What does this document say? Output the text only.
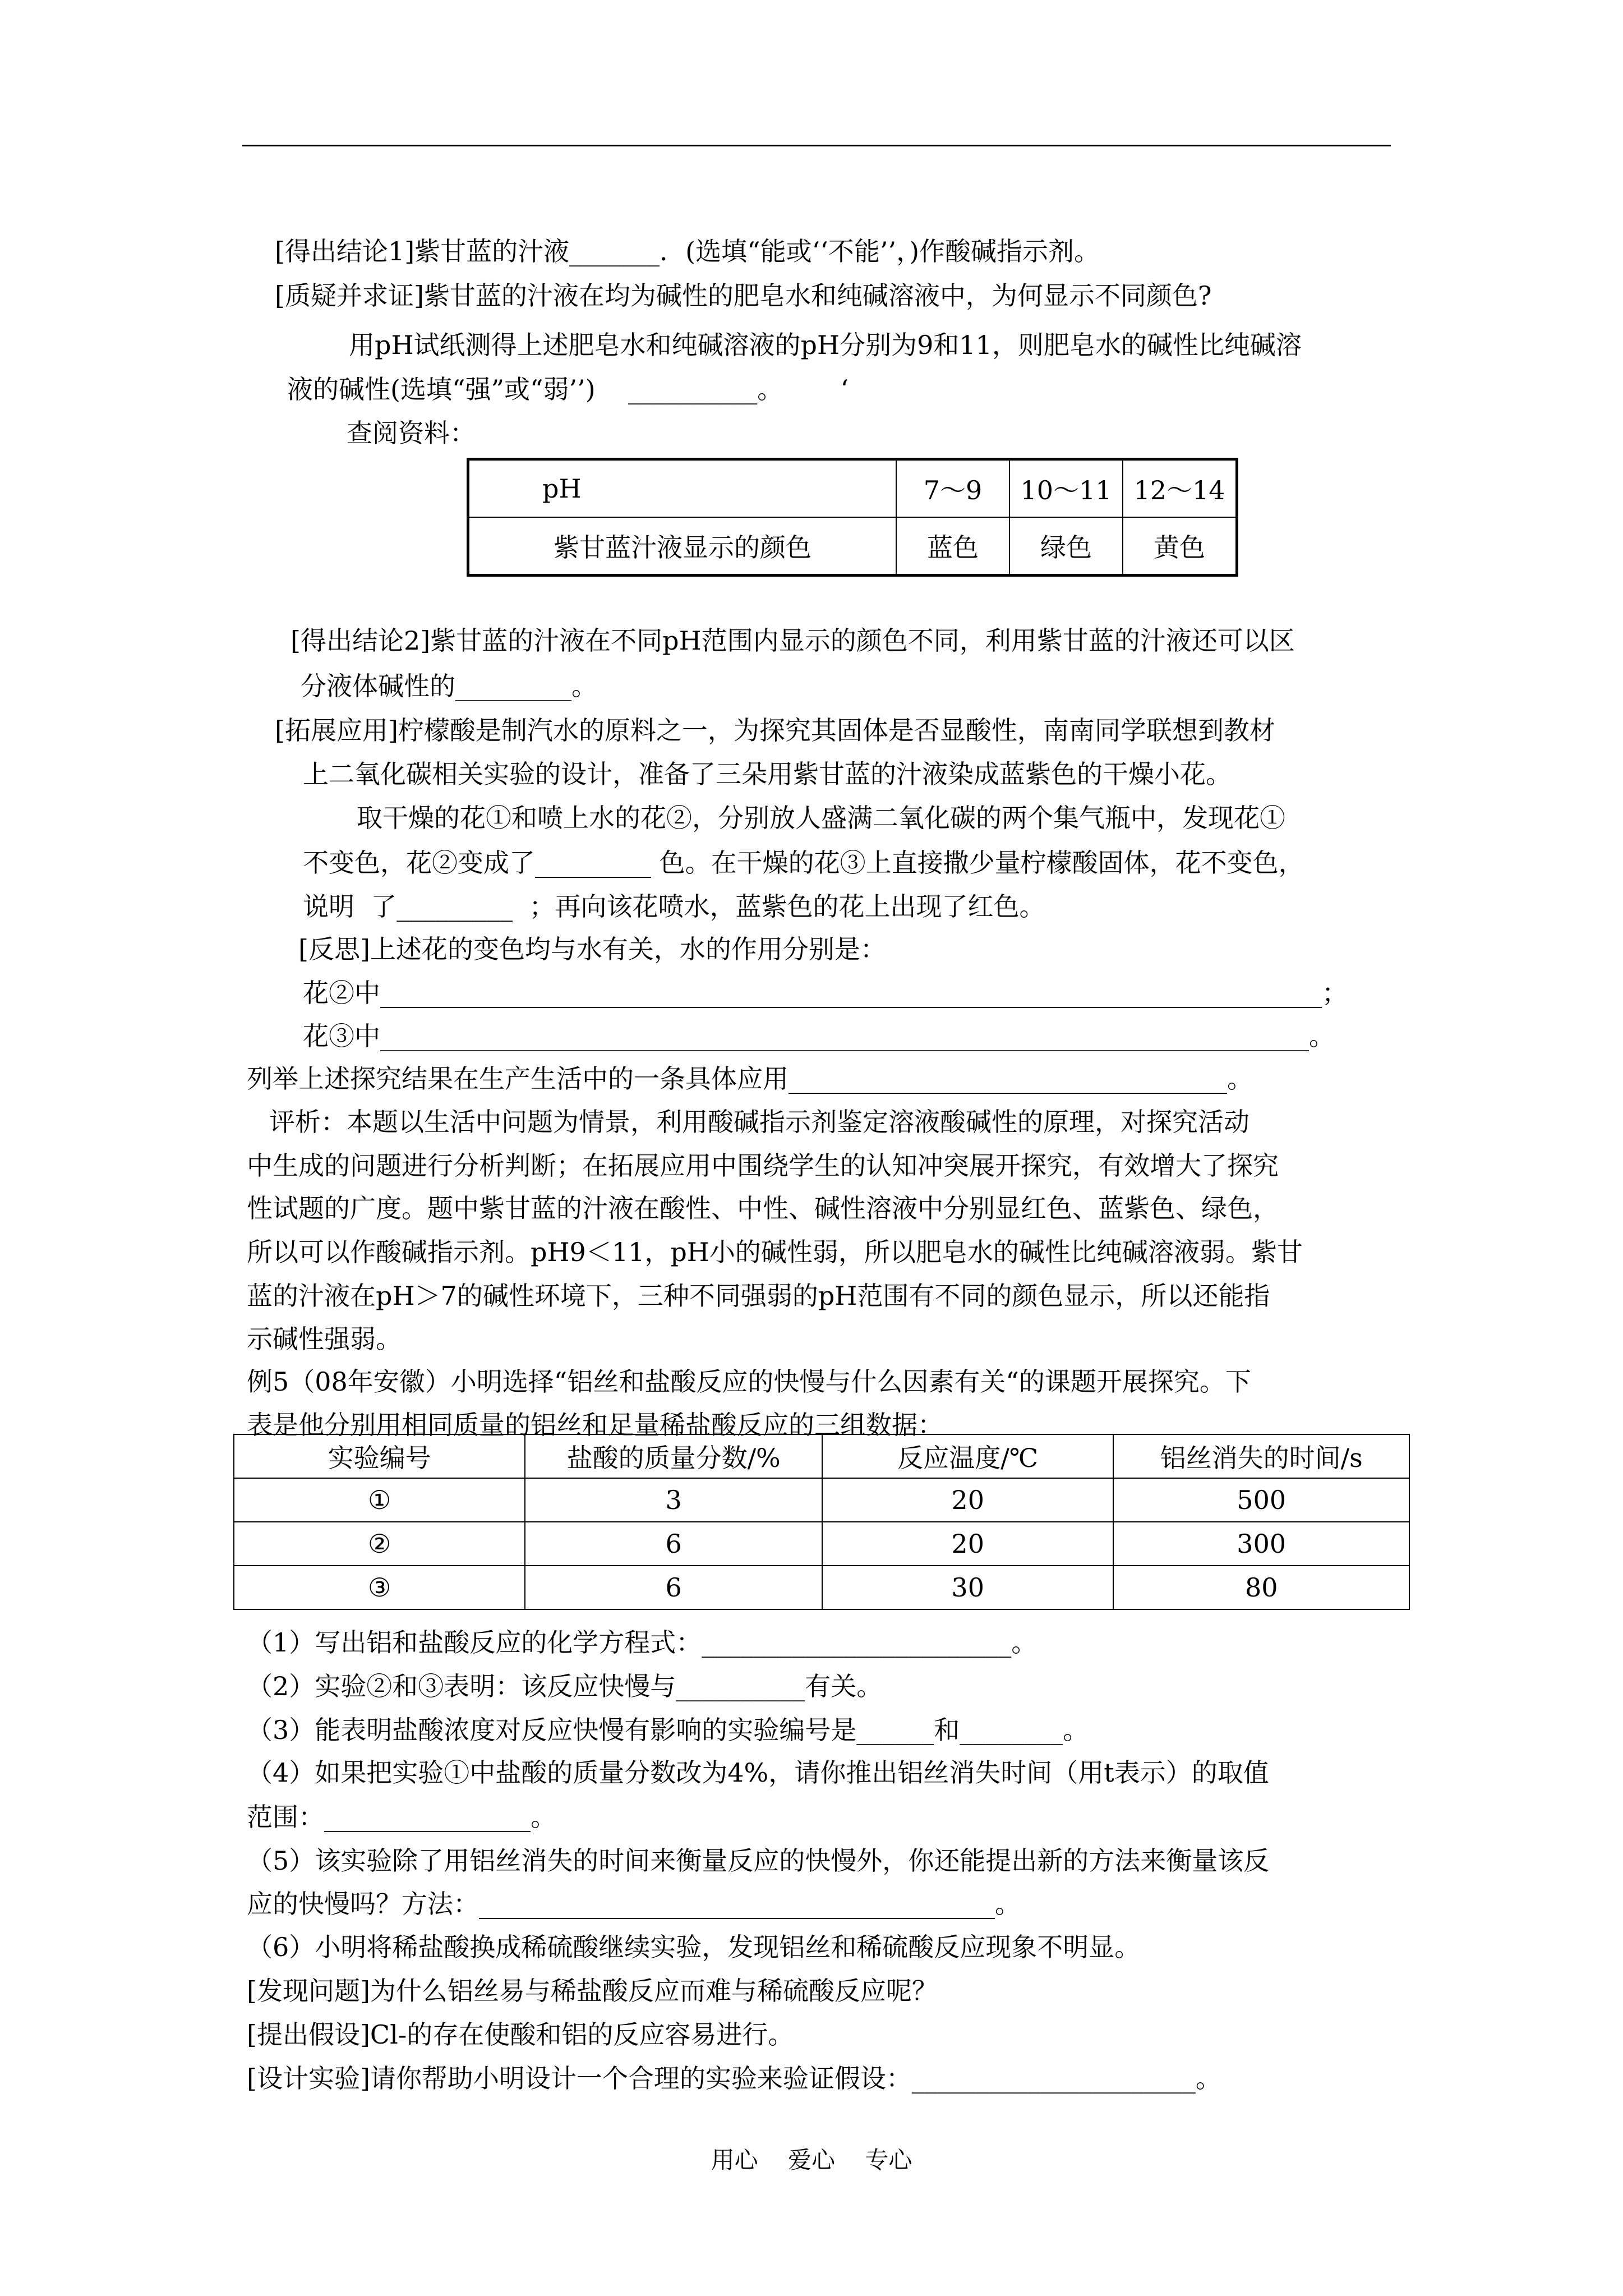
[得出结论1]紫甘蓝的汁液_______．(选填“能或‘‘不能’’，)作酸碱指示剂。
[质疑并求证]紫甘蓝的汁液在均为碱性的肥皂水和纯碱溶液中，为何显示不同颜色?
用pH试纸测得上述肥皂水和纯碱溶液的pH分别为9和11，则肥皂水的碱性比纯碱溶
液的碱性(选填“强”或“弱’’)    __________。       ‘
查阅资料：
pH	7～9	10～11	12～14
紫甘蓝汁液显示的颜色	蓝色	绿色	黄色
[得出结论2]紫甘蓝的汁液在不同pH范围内显示的颜色不同，利用紫甘蓝的汁液还可以区
分液体碱性的_________。
[拓展应用]柠檬酸是制汽水的原料之一，为探究其固体是否显酸性，南南同学联想到教材
上二氧化碳相关实验的设计，准备了三朵用紫甘蓝的汁液染成蓝紫色的干燥小花。
取干燥的花①和喷上水的花②，分别放人盛满二氧化碳的两个集气瓶中，发现花①
不变色，花②变成了_________ 色。在干燥的花③上直接撒少量柠檬酸固体，花不变色，
说明  了_________  ；再向该花喷水，蓝紫色的花上出现了红色。
[反思]上述花的变色均与水有关，水的作用分别是：
花②中_________________________________________________________________________；
花③中________________________________________________________________________。
列举上述探究结果在生产生活中的一条具体应用__________________________________。
评析：本题以生活中问题为情景，利用酸碱指示剂鉴定溶液酸碱性的原理，对探究活动
中生成的问题进行分析判断；在拓展应用中围绕学生的认知冲突展开探究，有效增大了探究
性试题的广度。题中紫甘蓝的汁液在酸性、中性、碱性溶液中分别显红色、蓝紫色、绿色，
所以可以作酸碱指示剂。pH9＜11，pH小的碱性弱，所以肥皂水的碱性比纯碱溶液弱。紫甘
蓝的汁液在pH＞7的碱性环境下，三种不同强弱的pH范围有不同的颜色显示，所以还能指
示碱性强弱。
例5（08年安徽）小明选择“铝丝和盐酸反应的快慢与什么因素有关“的课题开展探究。下
表是他分别用相同质量的铝丝和足量稀盐酸反应的三组数据：
实验编号	盐酸的质量分数/%	反应温度/℃	铝丝消失的时间/s
①	3	20	500
②	6	20	300
③	6	30	80
（1）写出铝和盐酸反应的化学方程式：________________________。
（2）实验②和③表明：该反应快慢与__________有关。
（3）能表明盐酸浓度对反应快慢有影响的实验编号是______和________。
（4）如果把实验①中盐酸的质量分数改为4%，请你推出铝丝消失时间（用t表示）的取值
范围：________________。
（5）该实验除了用铝丝消失的时间来衡量反应的快慢外，你还能提出新的方法来衡量该反
应的快慢吗？方法：________________________________________。
（6）小明将稀盐酸换成稀硫酸继续实验，发现铝丝和稀硫酸反应现象不明显。
[发现问题]为什么铝丝易与稀盐酸反应而难与稀硫酸反应呢？
[提出假设]Cl-的存在使酸和铝的反应容易进行。
[设计实验]请你帮助小明设计一个合理的实验来验证假设：______________________。
用心    爱心    专心
